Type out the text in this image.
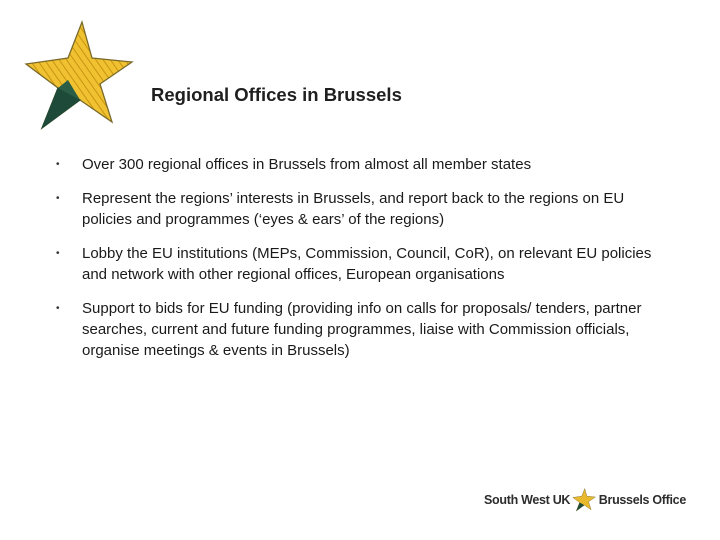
Regional Offices in Brussels
• Over 300 regional offices in Brussels from almost all member states
• Represent the regions’ interests in Brussels, and report back to the regions on EU policies and programmes (‘eyes & ears’ of the regions)
• Lobby the EU institutions (MEPs, Commission, Council, CoR), on relevant EU policies and network with other regional offices, European organisations
• Support to bids for EU funding (providing info on calls for proposals/ tenders, partner searches, current and future funding programmes, liaise with Commission officials, organise meetings & events in Brussels)
South West UK Brussels Office
